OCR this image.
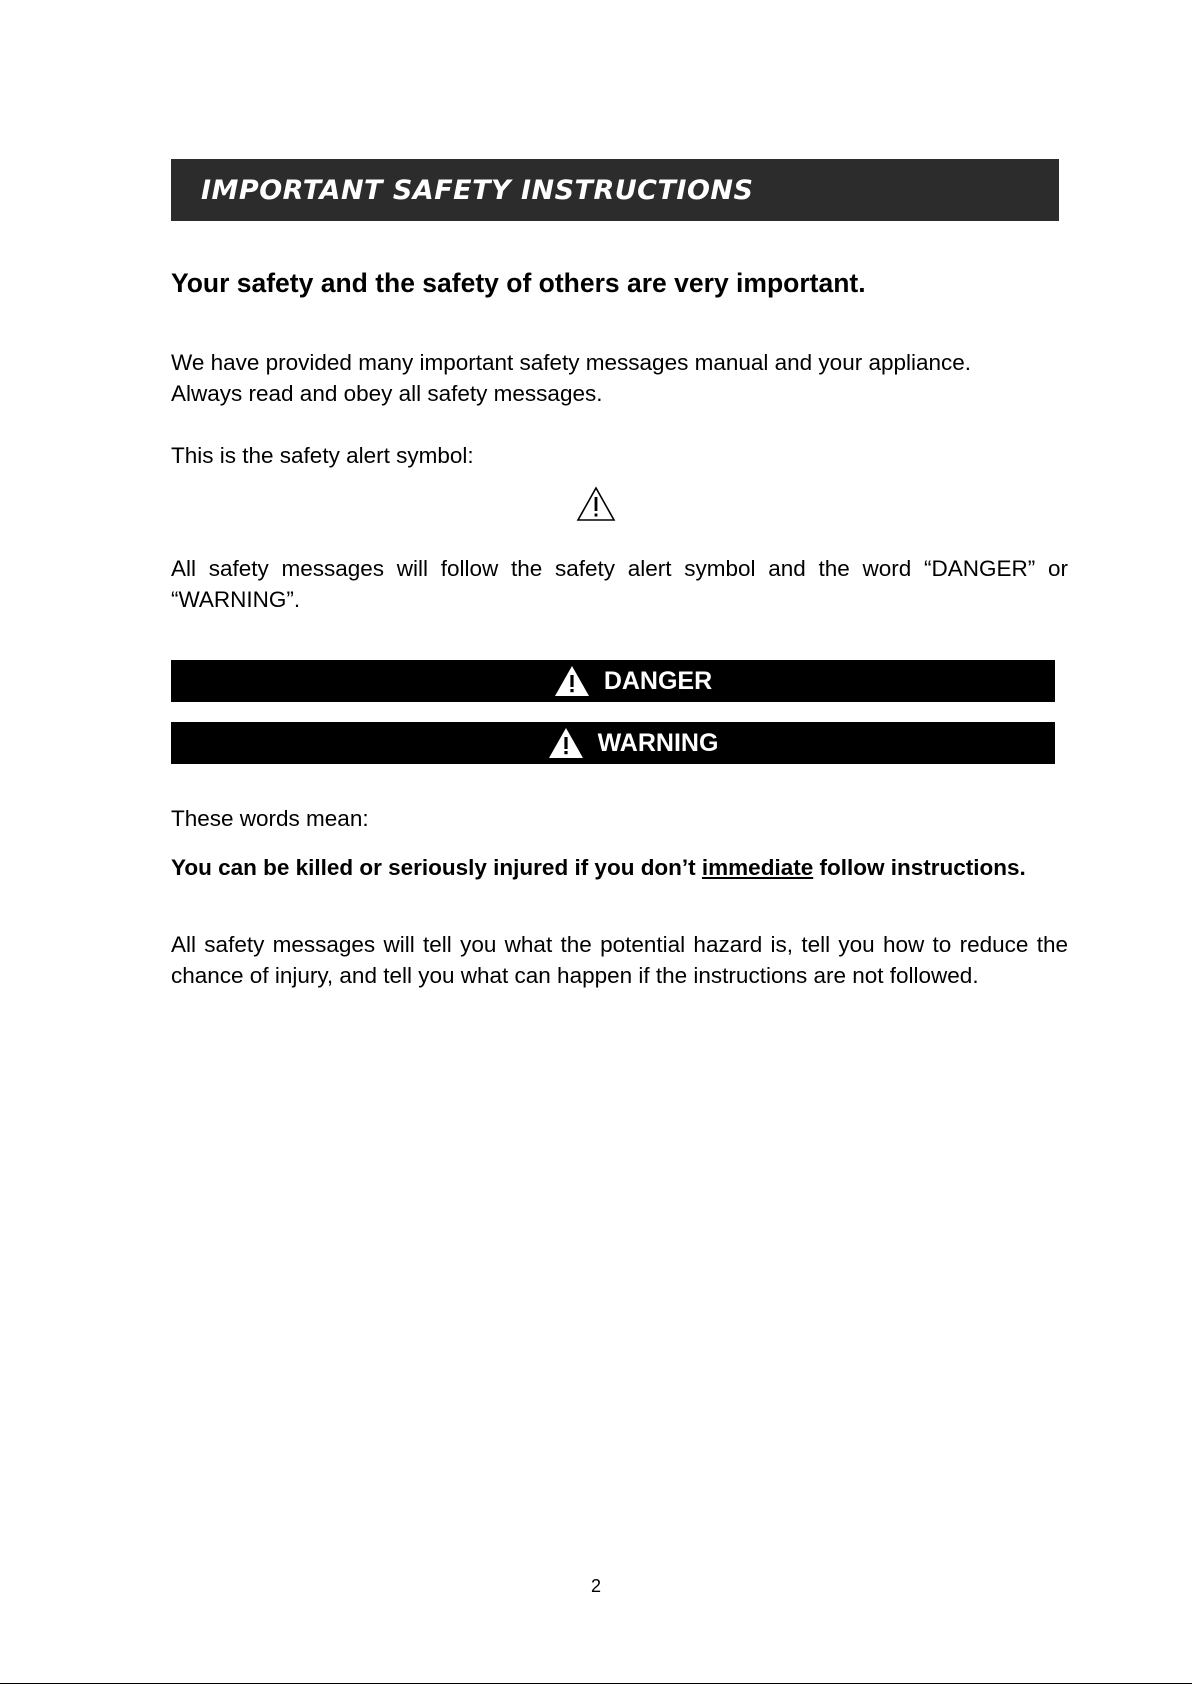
IMPORTANT SAFETY INSTRUCTIONS
Your safety and the safety of others are very important.
We have provided many important safety messages manual and your appliance.
Always read and obey all safety messages.
This is the safety alert symbol:
All safety messages will follow the safety alert symbol and the word “DANGER” or “WARNING”.
DANGER
WARNING
These words mean:
You can be killed or seriously injured if you don’t immediate follow instructions.
All safety messages will tell you what the potential hazard is, tell you how to reduce the chance of injury, and tell you what can happen if the instructions are not followed.
2
